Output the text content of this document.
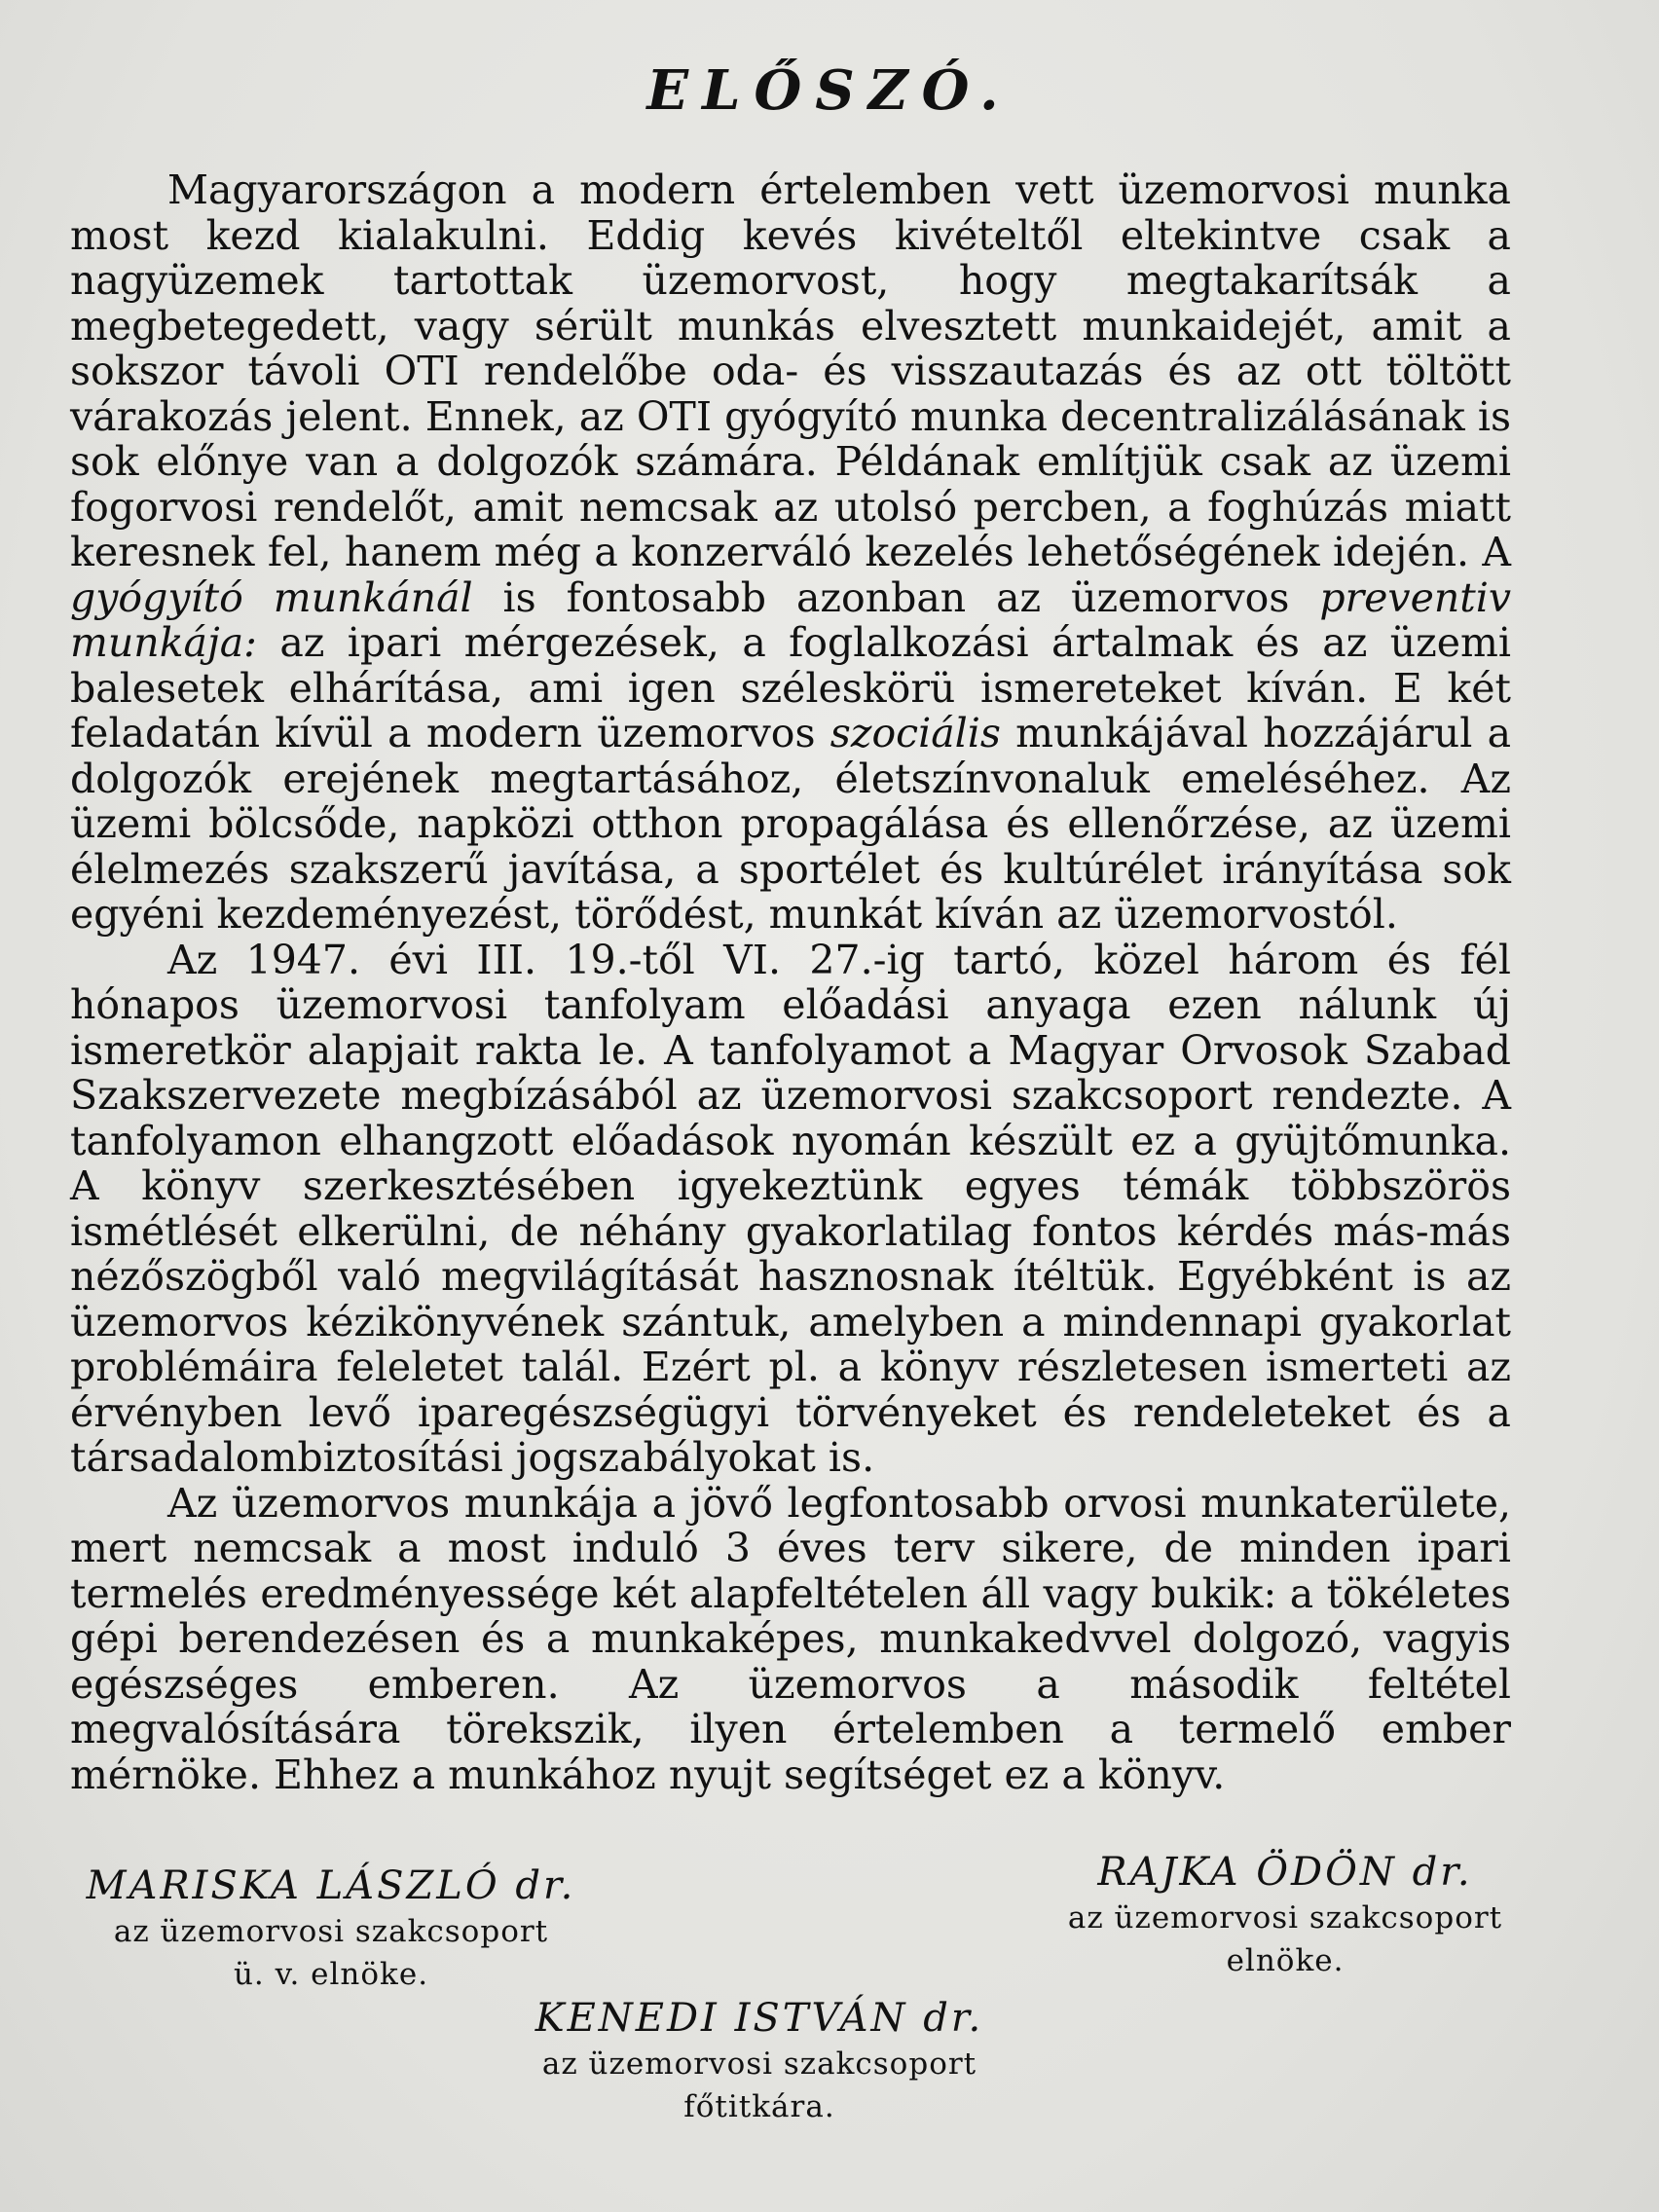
ELŐSZÓ.

Magyarországon a modern értelemben vett üzemorvosi munka most kezd kialakulni. Eddig kevés kivételtől eltekintve csak a nagyüzemek tartottak üzemorvost, hogy megtakarítsák a megbetegedett, vagy sérült munkás elvesztett munkaidejét, amit a sokszor távoli OTI rendelőbe oda- és visszautazás és az ott töltött várakozás jelent. Ennek, az OTI gyógyító munka decentralizálásának is sok előnye van a dolgozók számára. Példának említjük csak az üzemi fogorvosi rendelőt, amit nemcsak az utolsó percben, a foghúzás miatt keresnek fel, hanem még a konzerváló kezelés lehetőségének idején. A gyógyító munkánál is fontosabb azonban az üzemorvos preventiv munkája: az ipari mérgezések, a foglalkozási ártalmak és az üzemi balesetek elhárítása, ami igen széleskörü ismereteket kíván. E két feladatán kívül a modern üzemorvos szociális munkájával hozzájárul a dolgozók erejének megtartásához, életszínvonaluk emeléséhez. Az üzemi bölcsőde, napközi otthon propagálása és ellenőrzése, az üzemi élelmezés szakszerű javítása, a sportélet és kultúrélet irányítása sok egyéni kezdeményezést, törődést, munkát kíván az üzemorvostól.

Az 1947. évi III. 19.-től VI. 27.-ig tartó, közel három és fél hónapos üzemorvosi tanfolyam előadási anyaga ezen nálunk új ismeretkör alapjait rakta le. A tanfolyamot a Magyar Orvosok Szabad Szakszervezete megbízásából az üzemorvosi szakcsoport rendezte. A tanfolyamon elhangzott előadások nyomán készült ez a gyüjtőmunka. A könyv szerkesztésében igyekeztünk egyes témák többszörös ismétlését elkerülni, de néhány gyakorlatilag fontos kérdés más-más nézőszögből való megvilágítását hasznosnak ítéltük. Egyébként is az üzemorvos kézikönyvének szántuk, amelyben a mindennapi gyakorlat problémáira feleletet talál. Ezért pl. a könyv részletesen ismerteti az érvényben levő iparegészségügyi törvényeket és rendeleteket és a társadalombiztosítási jogszabályokat is.

Az üzemorvos munkája a jövő legfontosabb orvosi munkaterülete, mert nemcsak a most induló 3 éves terv sikere, de minden ipari termelés eredményessége két alapfeltételen áll vagy bukik: a tökéletes gépi berendezésen és a munkaképes, munkakedvvel dolgozó, vagyis egészséges emberen. Az üzemorvos a második feltétel megvalósítására törekszik, ilyen értelemben a termelő ember mérnöke. Ehhez a munkához nyujt segítséget ez a könyv.

MARISKA LÁSZLÓ dr.
az üzemorvosi szakcsoport
ü. v. elnöke.
RAJKA ÖDÖN dr.
az üzemorvosi szakcsoport
elnöke.
KENEDI ISTVÁN dr.
az üzemorvosi szakcsoport
főtitkára.
